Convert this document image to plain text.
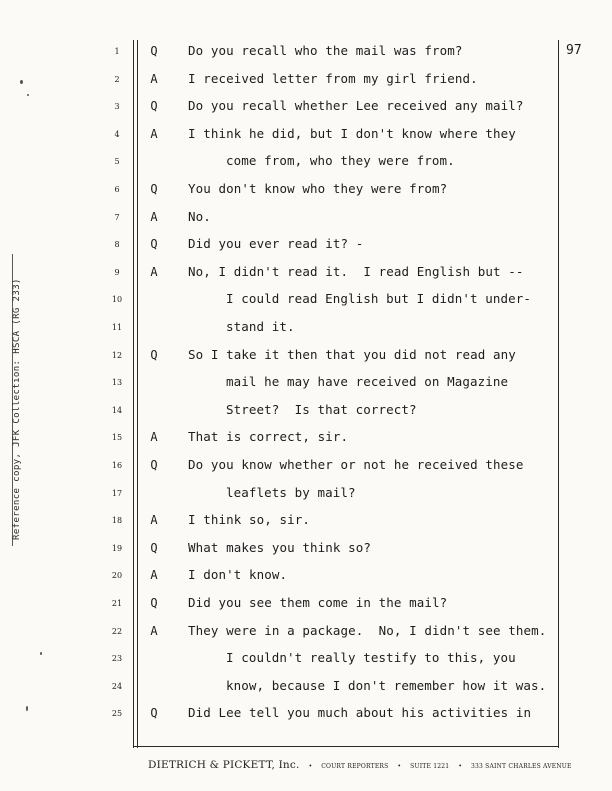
Reference copy, JFK Collection: HSCA (RG 233)
97
1	Q Do you recall who the mail was from?
2	A I received letter from my girl friend.
3	Q Do you recall whether Lee received any mail?
4	A I think he did, but I don't know where they
5	come from, who they were from.
6	Q You don't know who they were from?
7	A No.
8	Q Did you ever read it? -
9	A No, I didn't read it.  I read English but --
10	I could read English but I didn't under-
11	stand it.
12	Q So I take it then that you did not read any
13	mail he may have received on Magazine
14	Street?  Is that correct?
15	A That is correct, sir.
16	Q Do you know whether or not he received these
17	leaflets by mail?
18	A I think so, sir.
19	Q What makes you think so?
20	A I don't know.
21	Q Did you see them come in the mail?
22	A They were in a package.  No, I didn't see them.
23	I couldn't really testify to this, you
24	know, because I don't remember how it was.
25	Q Did Lee tell you much about his activities in
DIETRICH & PICKETT, Inc. • COURT REPORTERS • SUITE 1221 • 333 SAINT CHARLES AVENUE
